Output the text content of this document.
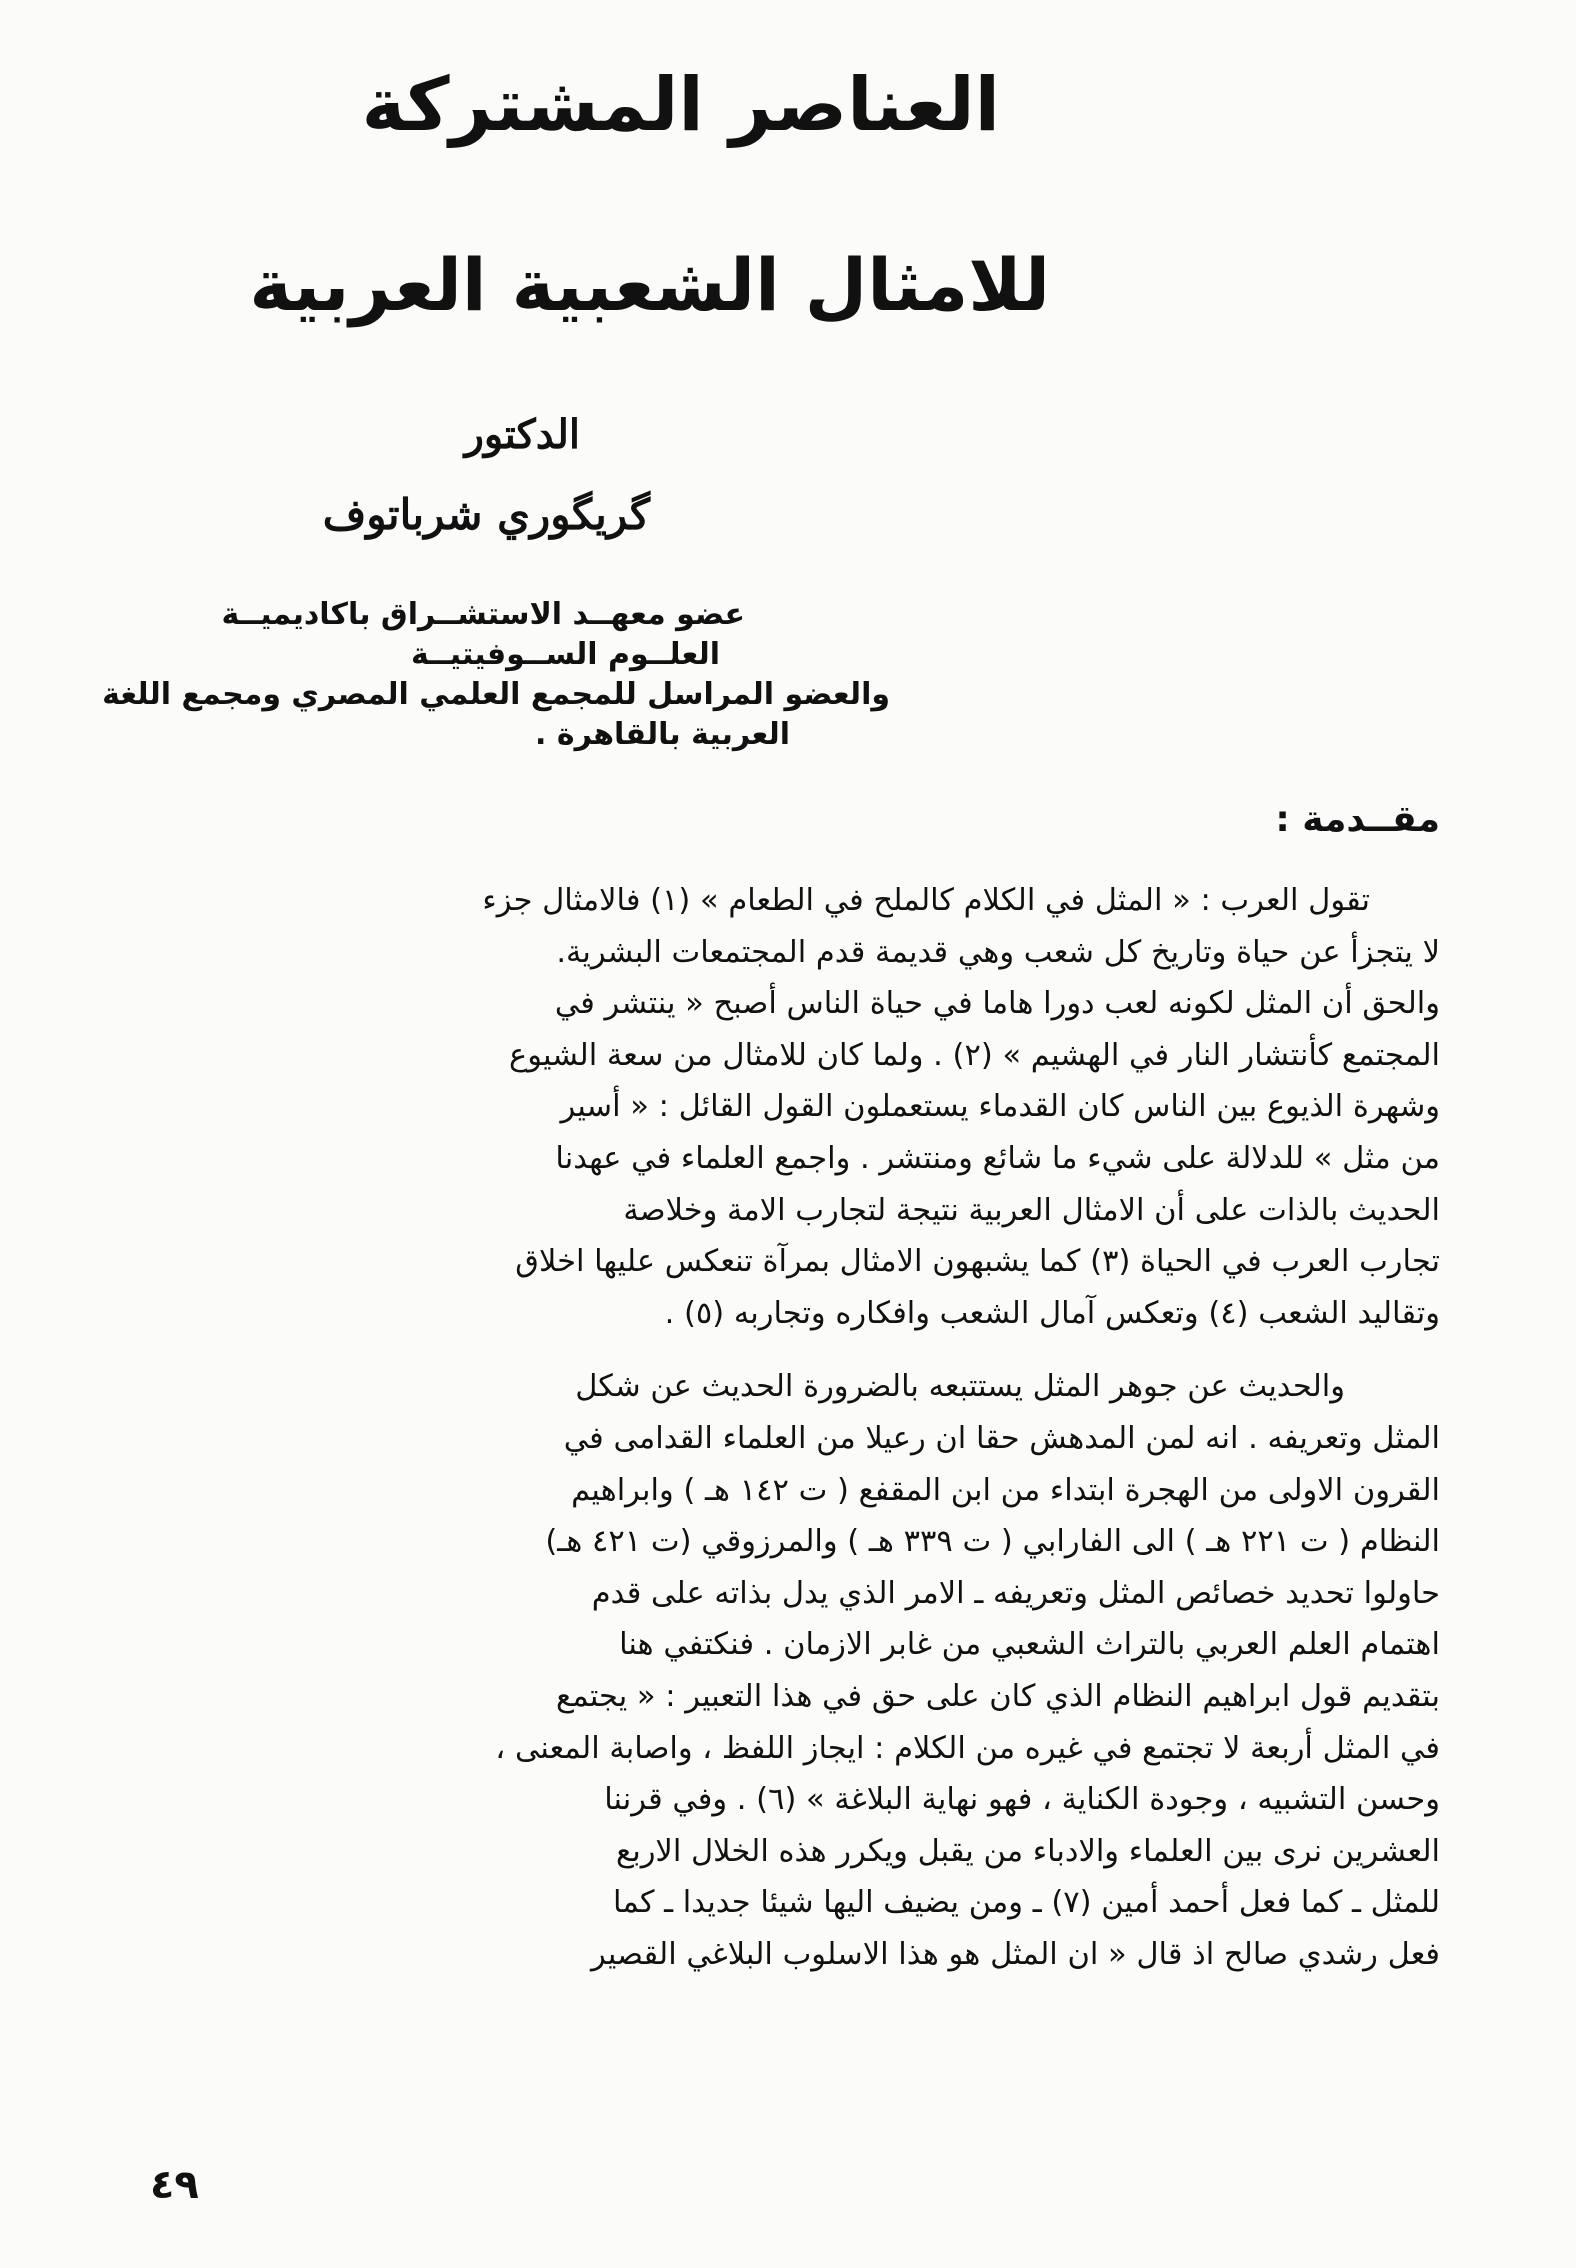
العناصر المشتركة
للامثال الشعبية العربية
الدكتور
گريگوري شرباتوف
عضو معهــد الاستشــراق باكاديميــة
العلــوم الســوفيتيــة
والعضو المراسل للمجمع العلمي المصري ومجمع اللغة
العربية بالقاهرة .
مقــدمة :
تقول العرب : « المثل في الكلام كالملح في الطعام » (١) فالامثال جزء
لا يتجزأ عن حياة وتاريخ كل شعب وهي قديمة قدم المجتمعات البشرية.
والحق أن المثل لكونه لعب دورا هاما في حياة الناس أصبح « ينتشر في
المجتمع كأنتشار النار في الهشيم » (٢) . ولما كان للامثال من سعة الشيوع
وشهرة الذيوع بين الناس كان القدماء يستعملون القول القائل : « أسير
من مثل » للدلالة على شيء ما شائع ومنتشر . واجمع العلماء في عهدنا
الحديث بالذات على أن الامثال العربية نتيجة لتجارب الامة وخلاصة
تجارب العرب في الحياة (٣) كما يشبهون الامثال بمرآة تنعكس عليها اخلاق
وتقاليد الشعب (٤) وتعكس آمال الشعب وافكاره وتجاربه (٥) .
والحديث عن جوهر المثل يستتبعه بالضرورة الحديث عن شكل
المثل وتعريفه . انه لمن المدهش حقا ان رعيلا من العلماء القدامى في
القرون الاولى من الهجرة ابتداء من ابن المقفع ( ت ١٤٢ هـ ) وابراهيم
النظام ( ت ٢٢١ هـ ) الى الفارابي ( ت ٣٣٩ هـ ) والمرزوقي (ت ٤٢١ هـ)
حاولوا تحديد خصائص المثل وتعريفه ـ الامر الذي يدل بذاته على قدم
اهتمام العلم العربي بالتراث الشعبي من غابر الازمان . فنكتفي هنا
بتقديم قول ابراهيم النظام الذي كان على حق في هذا التعبير : « يجتمع
في المثل أربعة لا تجتمع في غيره من الكلام : ايجاز اللفظ ، واصابة المعنى ،
وحسن التشبيه ، وجودة الكناية ، فهو نهاية البلاغة » (٦) . وفي قرننا
العشرين نرى بين العلماء والادباء من يقبل ويكرر هذه الخلال الاربع
للمثل ـ كما فعل أحمد أمين (٧) ـ ومن يضيف اليها شيئا جديدا ـ كما
فعل رشدي صالح اذ قال « ان المثل هو هذا الاسلوب البلاغي القصير
٤٩
